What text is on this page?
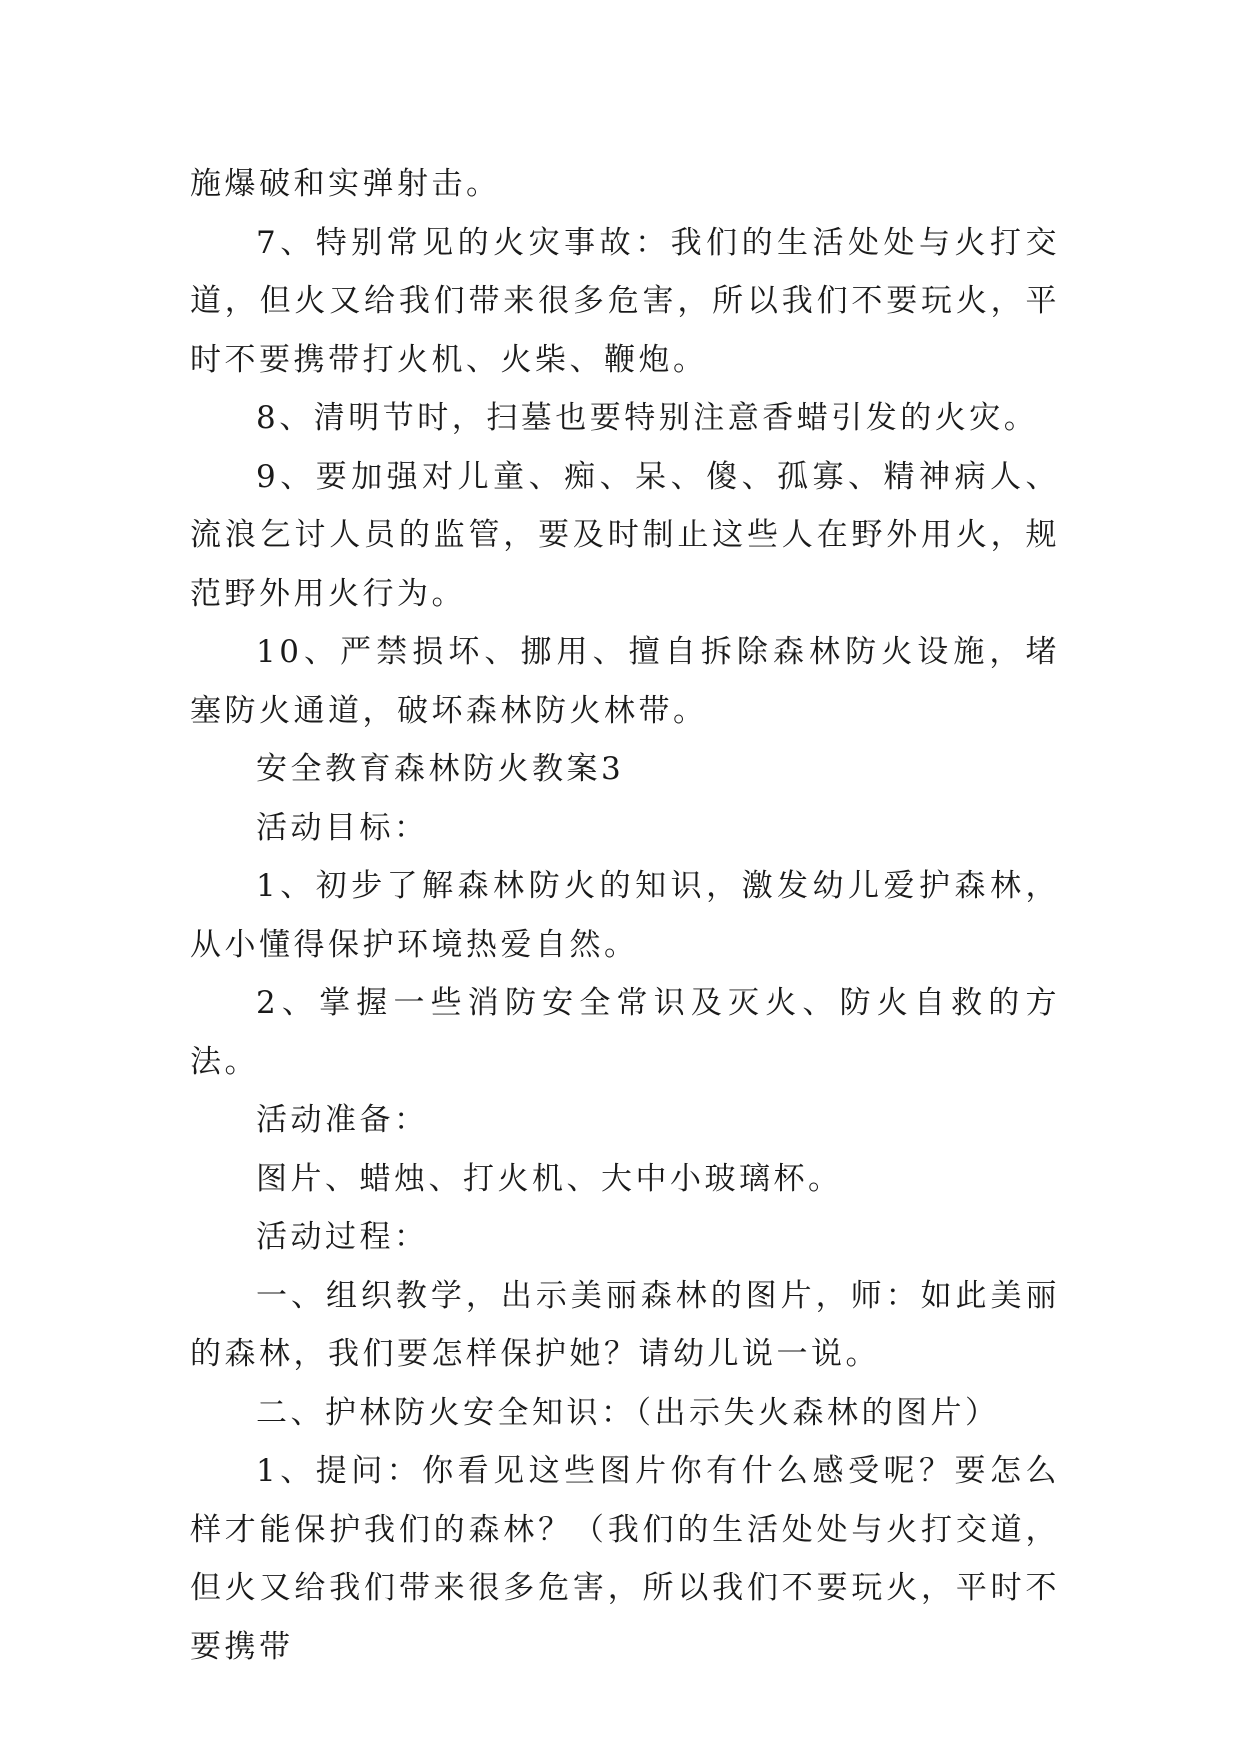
施爆破和实弹射击。

7、特别常见的火灾事故：我们的生活处处与火打交道，但火又给我们带来很多危害，所以我们不要玩火，平时不要携带打火机、火柴、鞭炮。

8、清明节时，扫墓也要特别注意香蜡引发的火灾。

9、要加强对儿童、痴、呆、傻、孤寡、精神病人、流浪乞讨人员的监管，要及时制止这些人在野外用火，规范野外用火行为。

10、严禁损坏、挪用、擅自拆除森林防火设施，堵塞防火通道，破坏森林防火林带。

安全教育森林防火教案3

活动目标：

1、初步了解森林防火的知识，激发幼儿爱护森林，从小懂得保护环境热爱自然。

2、掌握一些消防安全常识及灭火、防火自救的方法。

活动准备：

图片、蜡烛、打火机、大中小玻璃杯。

活动过程：

一、组织教学，出示美丽森林的图片，师：如此美丽的森林，我们要怎样保护她？请幼儿说一说。

二、护林防火安全知识：（出示失火森林的图片）

1、提问：你看见这些图片你有什么感受呢？要怎么样才能保护我们的森林？（我们的生活处处与火打交道，但火又给我们带来很多危害，所以我们不要玩火，平时不要携带
